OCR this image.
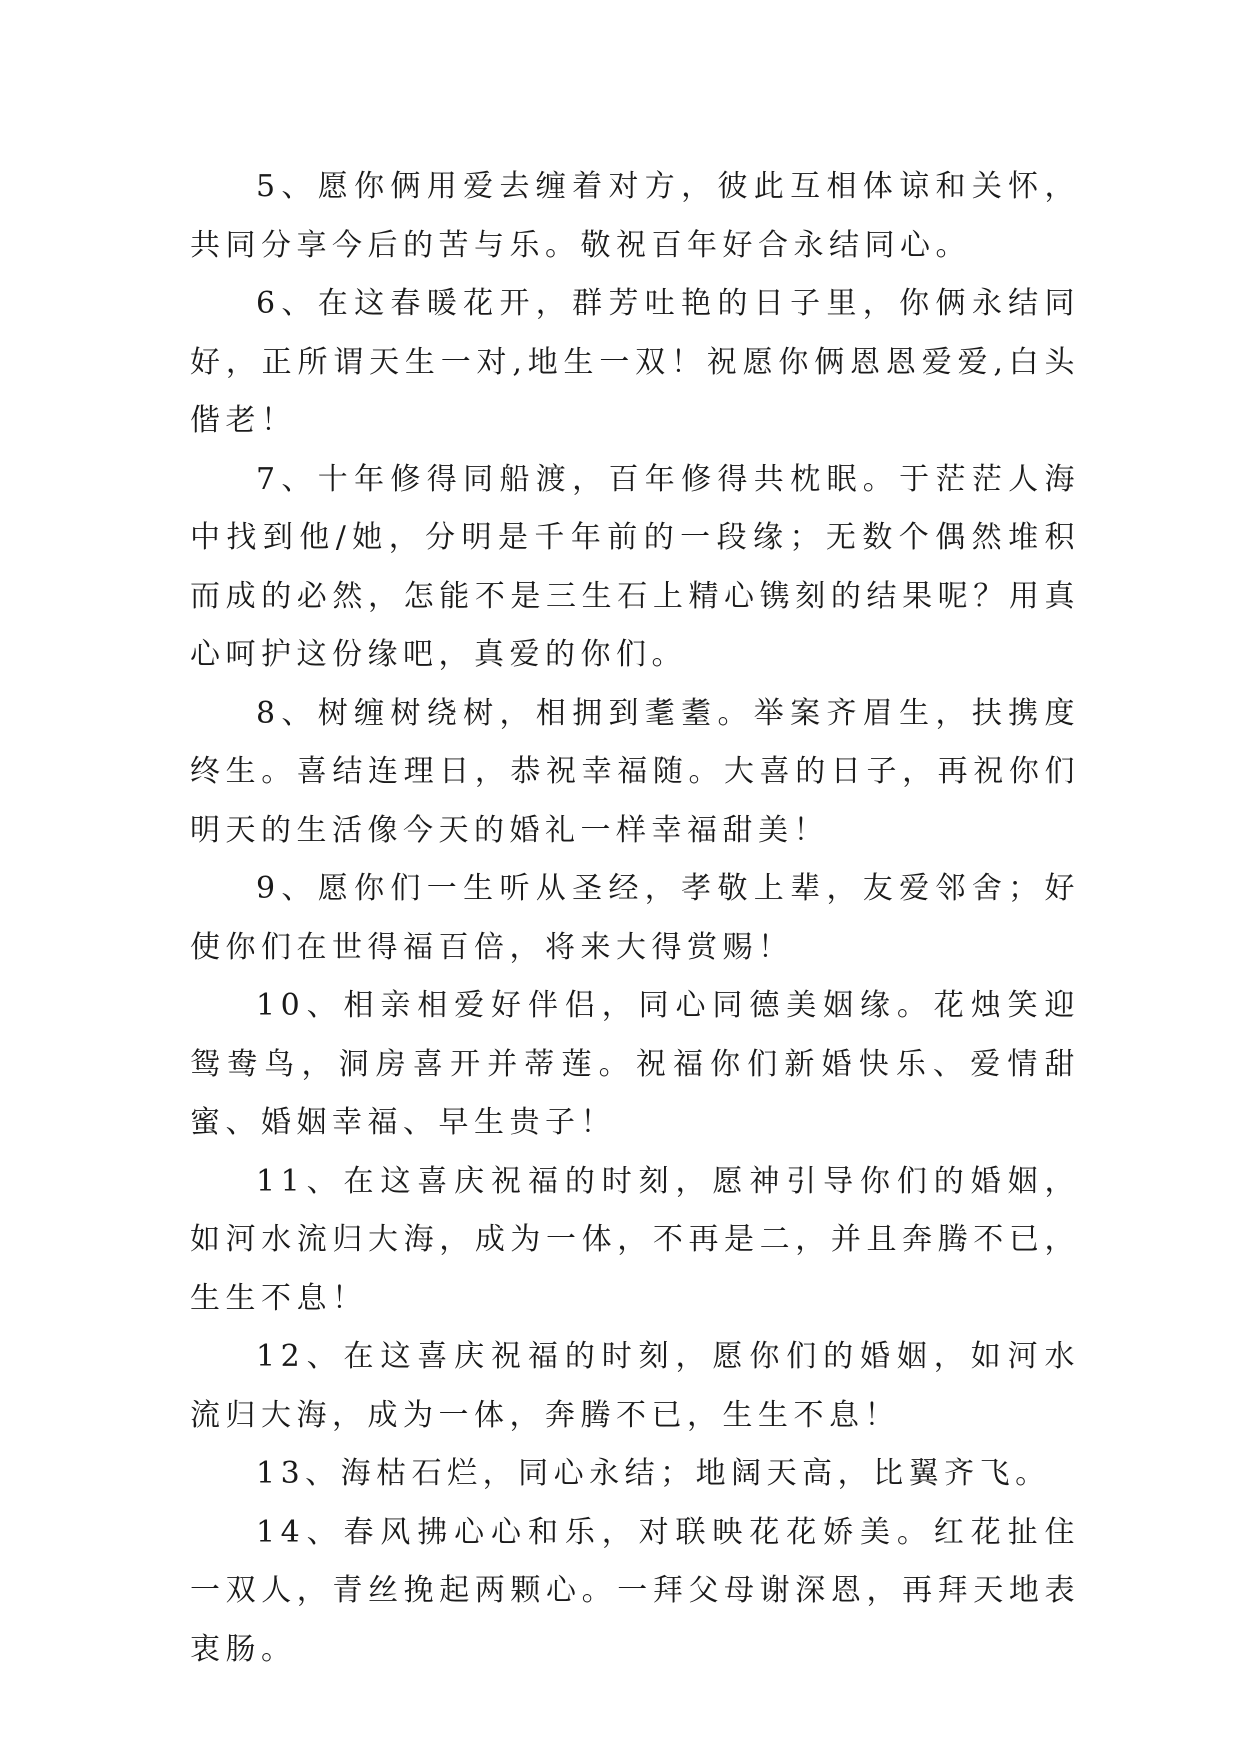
5、愿你俩用爱去缠着对方，彼此互相体谅和关怀，共同分享今后的苦与乐。敬祝百年好合永结同心。

6、在这春暖花开，群芳吐艳的日子里，你俩永结同好，正所谓天生一对,地生一双！祝愿你俩恩恩爱爱,白头偕老！

7、十年修得同船渡，百年修得共枕眠。于茫茫人海中找到他/她，分明是千年前的一段缘；无数个偶然堆积而成的必然，怎能不是三生石上精心镌刻的结果呢？用真心呵护这份缘吧，真爱的你们。

8、树缠树绕树，相拥到耄耋。举案齐眉生，扶携度终生。喜结连理日，恭祝幸福随。大喜的日子，再祝你们明天的生活像今天的婚礼一样幸福甜美！

9、愿你们一生听从圣经，孝敬上辈，友爱邻舍；好使你们在世得福百倍，将来大得赏赐！

10、相亲相爱好伴侣，同心同德美姻缘。花烛笑迎鸳鸯鸟，洞房喜开并蒂莲。祝福你们新婚快乐、爱情甜蜜、婚姻幸福、早生贵子！

11、在这喜庆祝福的时刻，愿神引导你们的婚姻，如河水流归大海，成为一体，不再是二，并且奔腾不已，生生不息！

12、在这喜庆祝福的时刻，愿你们的婚姻，如河水流归大海，成为一体，奔腾不已，生生不息！

13、海枯石烂，同心永结；地阔天高，比翼齐飞。

14、春风拂心心和乐，对联映花花娇美。红花扯住一双人，青丝挽起两颗心。一拜父母谢深恩，再拜天地表衷肠。
